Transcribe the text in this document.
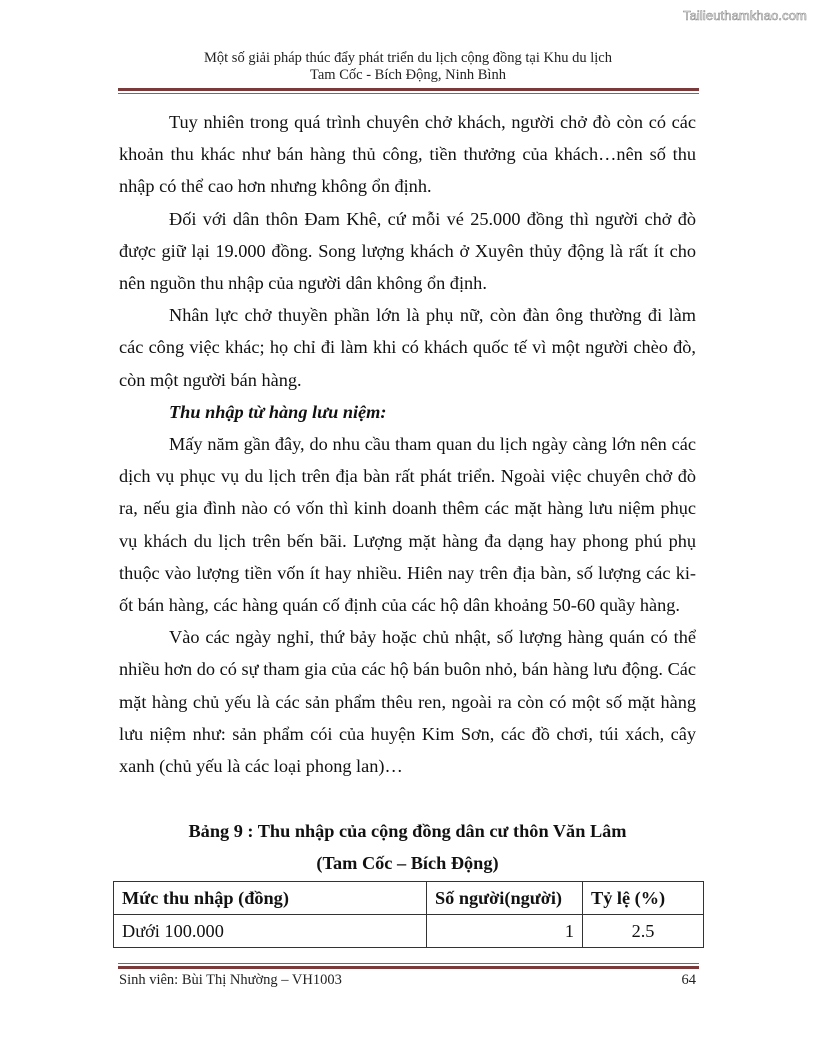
Tailieuthamkhao.com
Một số giải pháp thúc đẩy phát triển du lịch cộng đồng tại Khu du lịch
Tam Cốc - Bích Động, Ninh Bình

Tuy nhiên trong quá trình chuyên chở khách, người chở đò còn có các khoản thu khác như bán hàng thủ công, tiền thưởng của khách…nên số thu nhập có thể cao hơn nhưng không ổn định.

Đối với dân thôn Đam Khê, cứ mỗi vé 25.000 đồng thì người chở đò được giữ lại 19.000 đồng. Song lượng khách ở Xuyên thủy động là rất ít cho nên nguồn thu nhập của người dân không ổn định.

Nhân lực chở thuyền phần lớn là phụ nữ, còn đàn ông thường đi làm các công việc khác; họ chỉ đi làm khi có khách quốc tế vì một người chèo đò, còn một người bán hàng.

Thu nhập từ hàng lưu niệm:

Mấy năm gần đây, do nhu cầu tham quan du lịch ngày càng lớn nên các dịch vụ phục vụ du lịch trên địa bàn rất phát triển. Ngoài việc chuyên chở đò ra, nếu gia đình nào có vốn thì kinh doanh thêm các mặt hàng lưu niệm phục vụ khách du lịch trên bến bãi. Lượng mặt hàng đa dạng hay phong phú phụ thuộc vào lượng tiền vốn ít hay nhiều. Hiên nay trên địa bàn, số lượng các ki-ốt bán hàng, các hàng quán cố định của các hộ dân khoảng 50-60 quầy hàng.

Vào các ngày nghỉ, thứ bảy hoặc chủ nhật, số lượng hàng quán có thể nhiều hơn do có sự tham gia của các hộ bán buôn nhỏ, bán hàng lưu động. Các mặt hàng chủ yếu là các sản phẩm thêu ren, ngoài ra còn có một số mặt hàng lưu niệm như: sản phẩm cói của huyện Kim Sơn, các đồ chơi, túi xách, cây xanh (chủ yếu là các loại phong lan)…

Bảng 9 : Thu nhập của cộng đồng dân cư thôn Văn Lâm
(Tam Cốc – Bích Động)
Mức thu nhập (đồng)	Số người(người)	Tỷ lệ (%)
Dưới 100.000	1	2.5
Sinh viên: Bùi Thị Nhường – VH1003	64
